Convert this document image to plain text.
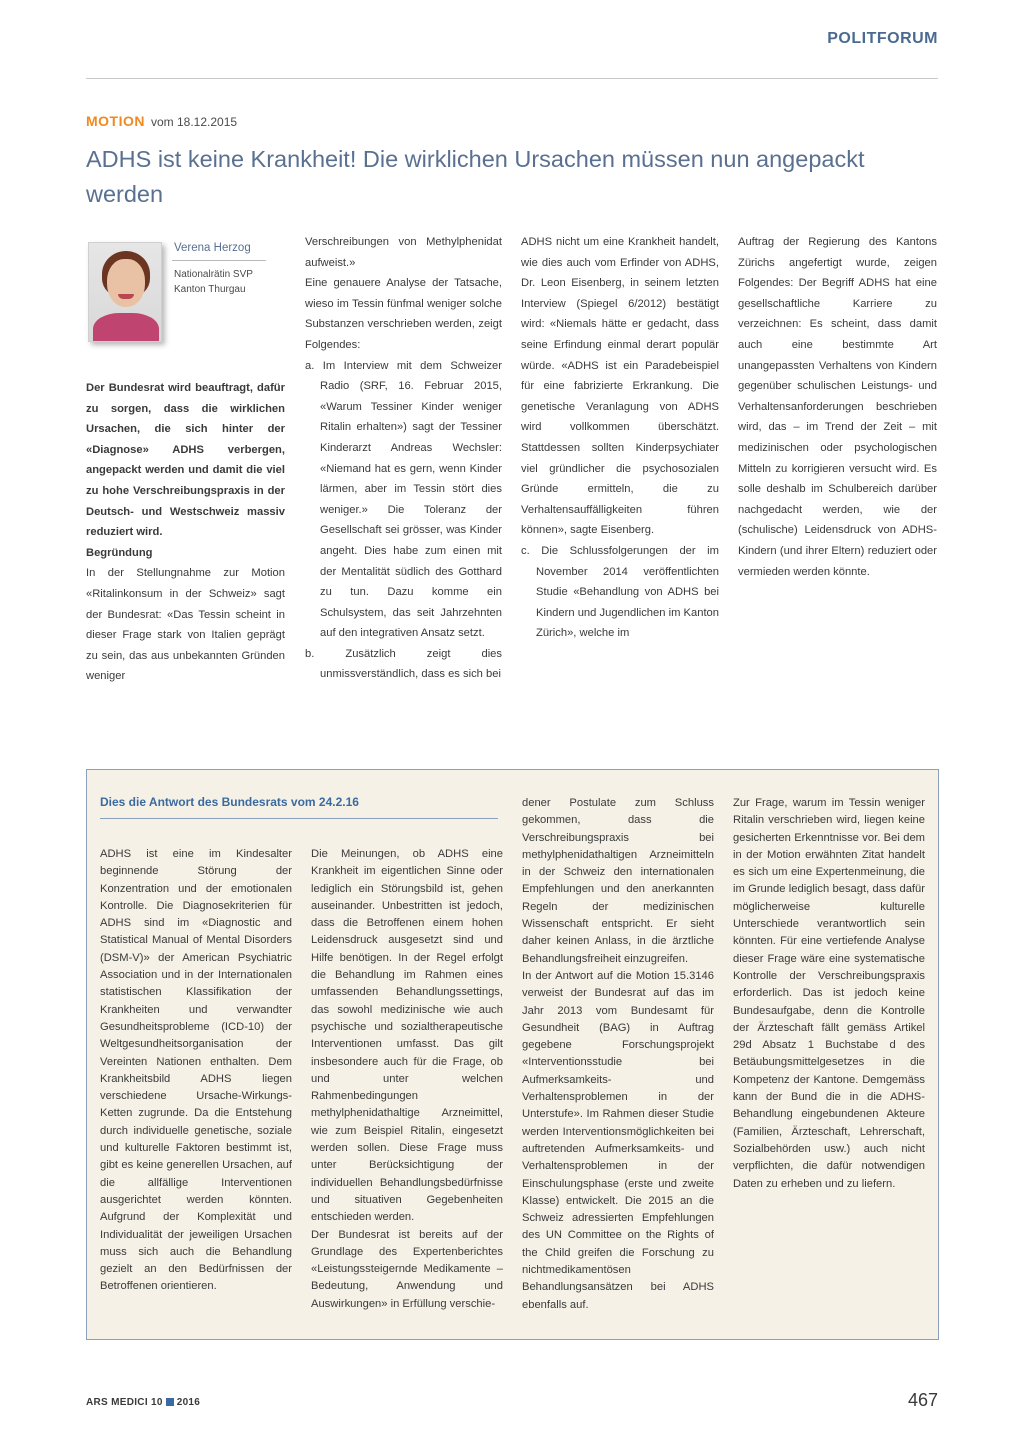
POLITFORUM
MOTION vom 18.12.2015
ADHS ist keine Krankheit! Die wirklichen Ursachen müssen nun angepackt werden
Verena Herzog
Nationalrätin SVP
Kanton Thurgau

Der Bundesrat wird beauftragt, dafür zu sorgen, dass die wirklichen Ursachen, die sich hinter der «Diagnose» ADHS verbergen, angepackt werden und damit die viel zu hohe Verschreibungspraxis in der Deutsch- und Westschweiz massiv reduziert wird.

Begründung

In der Stellungnahme zur Motion «Ritalinkonsum in der Schweiz» sagt der Bundesrat: «Das Tessin scheint in dieser Frage stark von Italien geprägt zu sein, das aus unbekannten Gründen weniger

Verschreibungen von Methylphenidat aufweist.»

Eine genauere Analyse der Tatsache, wieso im Tessin fünfmal weniger solche Substanzen verschrieben werden, zeigt Folgendes:

a. Im Interview mit dem Schweizer Radio (SRF, 16. Februar 2015, «Warum Tessiner Kinder weniger Ritalin erhalten») sagt der Tessiner Kinderarzt Andreas Wechsler: «Niemand hat es gern, wenn Kinder lärmen, aber im Tessin stört dies weniger.» Die Toleranz der Gesellschaft sei grösser, was Kinder angeht. Dies habe zum einen mit der Mentalität südlich des Gotthard zu tun. Dazu komme ein Schulsystem, das seit Jahrzehnten auf den integrativen Ansatz setzt.

b. Zusätzlich zeigt dies unmissverständlich, dass es sich bei

ADHS nicht um eine Krankheit handelt, wie dies auch vom Erfinder von ADHS, Dr. Leon Eisenberg, in seinem letzten Interview (Spiegel 6/2012) bestätigt wird: «Niemals hätte er gedacht, dass seine Erfindung einmal derart populär würde. «ADHS ist ein Paradebeispiel für eine fabrizierte Erkrankung. Die genetische Veranlagung von ADHS wird vollkommen überschätzt. Stattdessen sollten Kinderpsychiater viel gründlicher die psychosozialen Gründe ermitteln, die zu Verhaltensauffälligkeiten führen können», sagte Eisenberg.

c. Die Schlussfolgerungen der im November 2014 veröffentlichten Studie «Behandlung von ADHS bei Kindern und Jugendlichen im Kanton Zürich», welche im

Auftrag der Regierung des Kantons Zürichs angefertigt wurde, zeigen Folgendes: Der Begriff ADHS hat eine gesellschaftliche Karriere zu verzeichnen: Es scheint, dass damit auch eine bestimmte Art unangepassten Verhaltens von Kindern gegenüber schulischen Leistungs- und Verhaltensanforderungen beschrieben wird, das – im Trend der Zeit – mit medizinischen oder psychologischen Mitteln zu korrigieren versucht wird. Es solle deshalb im Schulbereich darüber nachgedacht werden, wie der (schulische) Leidensdruck von ADHS-Kindern (und ihrer Eltern) reduziert oder vermieden werden könnte.

Dies die Antwort des Bundesrats vom 24.2.16

ADHS ist eine im Kindesalter beginnende Störung der Konzentration und der emotionalen Kontrolle. Die Diagnosekriterien für ADHS sind im «Diagnostic and Statistical Manual of Mental Disorders (DSM-V)» der American Psychiatric Association und in der Internationalen statistischen Klassifikation der Krankheiten und verwandter Gesundheitsprobleme (ICD-10) der Weltgesundheitsorganisation der Vereinten Nationen enthalten. Dem Krankheitsbild ADHS liegen verschiedene Ursache-Wirkungs-Ketten zugrunde. Da die Entstehung durch individuelle genetische, soziale und kulturelle Faktoren bestimmt ist, gibt es keine generellen Ursachen, auf die allfällige Interventionen ausgerichtet werden könnten. Aufgrund der Komplexität und Individualität der jeweiligen Ursachen muss sich auch die Behandlung gezielt an den Bedürfnissen der Betroffenen orientieren.

Die Meinungen, ob ADHS eine Krankheit im eigentlichen Sinne oder lediglich ein Störungsbild ist, gehen auseinander. Unbestritten ist jedoch, dass die Betroffenen einem hohen Leidensdruck ausgesetzt sind und Hilfe benötigen. In der Regel erfolgt die Behandlung im Rahmen eines umfassenden Behandlungssettings, das sowohl medizinische wie auch psychische und sozialtherapeutische Interventionen umfasst. Das gilt insbesondere auch für die Frage, ob und unter welchen Rahmenbedingungen methylphenidathaltige Arzneimittel, wie zum Beispiel Ritalin, eingesetzt werden sollen. Diese Frage muss unter Berücksichtigung der individuellen Behandlungsbedürfnisse und situativen Gegebenheiten entschieden werden.

Der Bundesrat ist bereits auf der Grundlage des Expertenberichtes «Leistungssteigernde Medikamente – Bedeutung, Anwendung und Auswirkungen» in Erfüllung verschie-

dener Postulate zum Schluss gekommen, dass die Verschreibungspraxis bei methylphenidathaltigen Arzneimitteln in der Schweiz den internationalen Empfehlungen und den anerkannten Regeln der medizinischen Wissenschaft entspricht. Er sieht daher keinen Anlass, in die ärztliche Behandlungsfreiheit einzugreifen.

In der Antwort auf die Motion 15.3146 verweist der Bundesrat auf das im Jahr 2013 vom Bundesamt für Gesundheit (BAG) in Auftrag gegebene Forschungsprojekt «Interventionsstudie bei Aufmerksamkeits- und Verhaltensproblemen in der Unterstufe». Im Rahmen dieser Studie werden Interventionsmöglichkeiten bei auftretenden Aufmerksamkeits- und Verhaltensproblemen in der Einschulungsphase (erste und zweite Klasse) entwickelt. Die 2015 an die Schweiz adressierten Empfehlungen des UN Committee on the Rights of the Child greifen die Forschung zu nichtmedikamentösen Behandlungsansätzen bei ADHS ebenfalls auf.

Zur Frage, warum im Tessin weniger Ritalin verschrieben wird, liegen keine gesicherten Erkenntnisse vor. Bei dem in der Motion erwähnten Zitat handelt es sich um eine Expertenmeinung, die im Grunde lediglich besagt, dass dafür möglicherweise kulturelle Unterschiede verantwortlich sein könnten. Für eine vertiefende Analyse dieser Frage wäre eine systematische Kontrolle der Verschreibungspraxis erforderlich. Das ist jedoch keine Bundesaufgabe, denn die Kontrolle der Ärzteschaft fällt gemäss Artikel 29d Absatz 1 Buchstabe d des Betäubungsmittelgesetzes in die Kompetenz der Kantone. Demgemäss kann der Bund die in die ADHS-Behandlung eingebundenen Akteure (Familien, Ärzteschaft, Lehrerschaft, Sozialbehörden usw.) auch nicht verpflichten, die dafür notwendigen Daten zu erheben und zu liefern.

ARS MEDICI 10 2016	467
